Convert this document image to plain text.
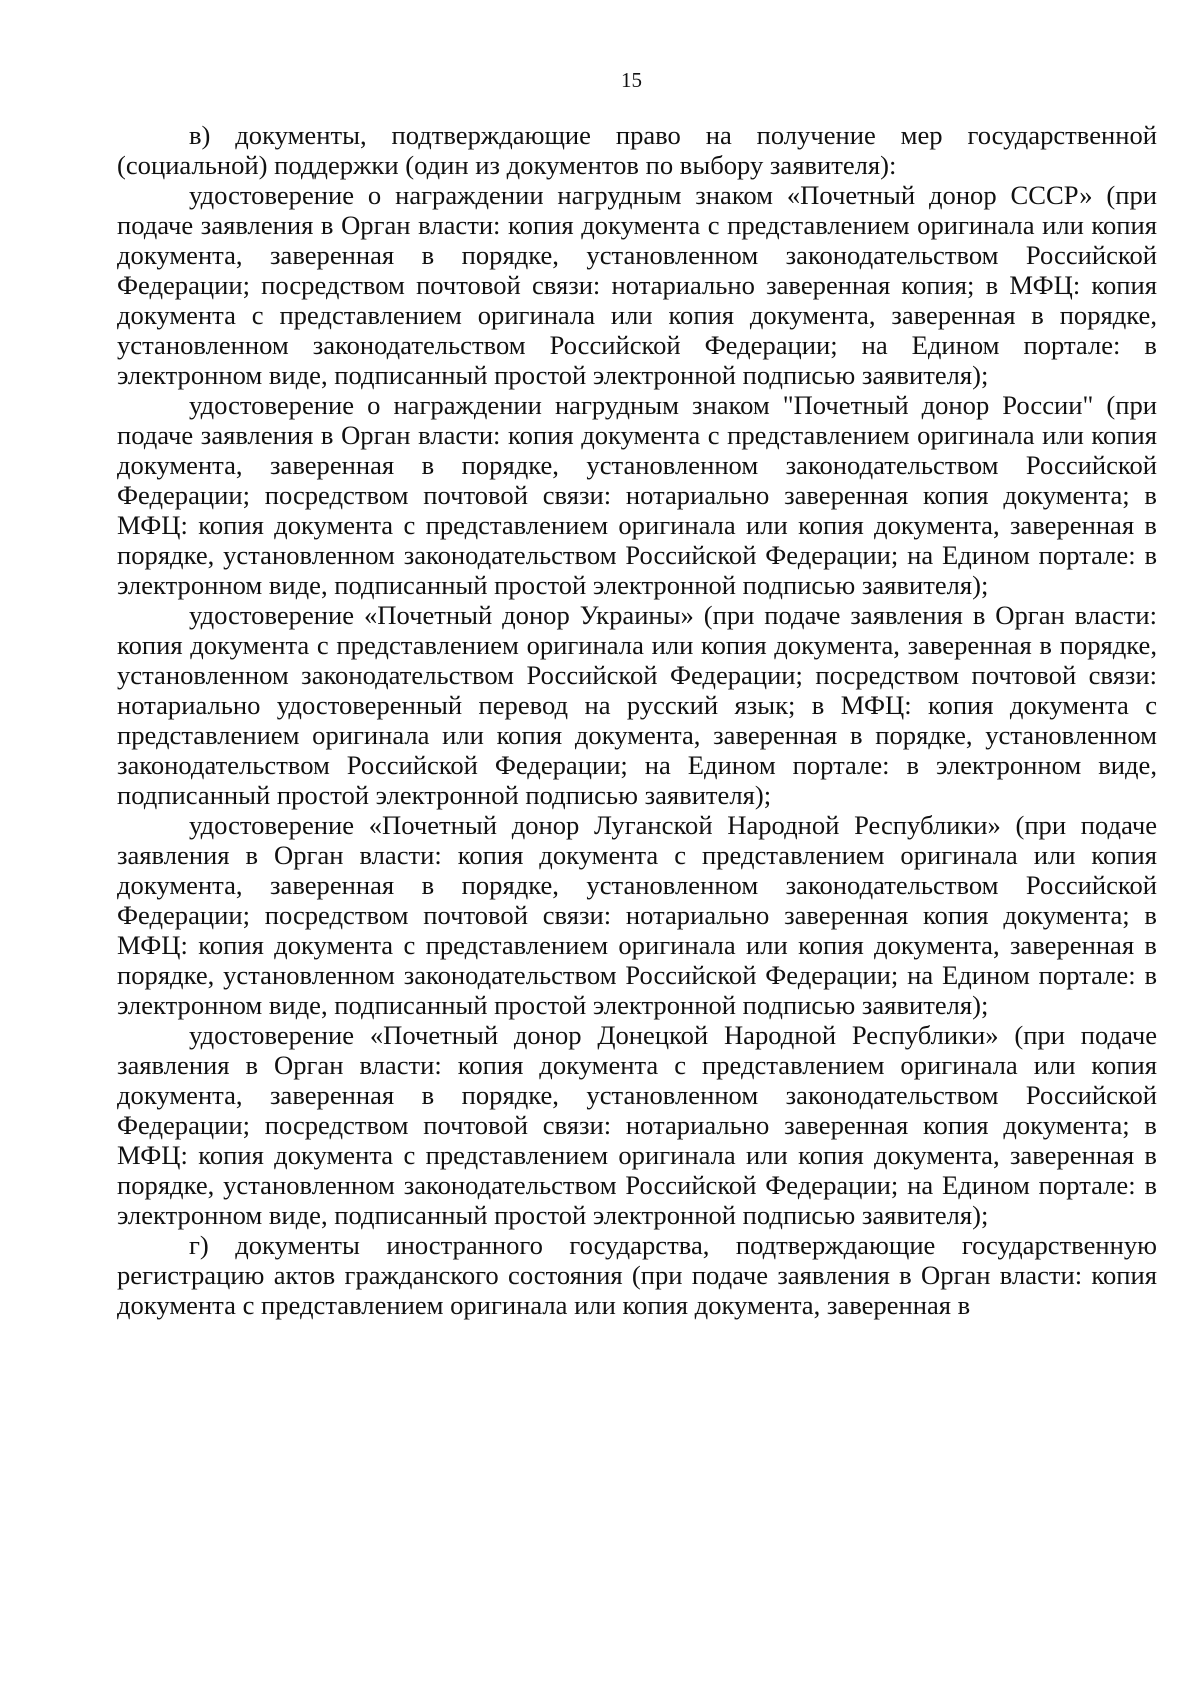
15

в) документы, подтверждающие право на получение мер государственной (социальной) поддержки (один из документов по выбору заявителя):

удостоверение о награждении нагрудным знаком «Почетный донор СССР» (при подаче заявления в Орган власти: копия документа с представлением оригинала или копия документа, заверенная в порядке, установленном законодательством Российской Федерации; посредством почтовой связи: нотариально заверенная копия; в МФЦ: копия документа с представлением оригинала или копия документа, заверенная в порядке, установленном законодательством Российской Федерации; на Едином портале: в электронном виде, подписанный простой электронной подписью заявителя);

удостоверение о награждении нагрудным знаком "Почетный донор России" (при подаче заявления в Орган власти: копия документа с представлением оригинала или копия документа, заверенная в порядке, установленном законодательством Российской Федерации; посредством почтовой связи: нотариально заверенная копия документа; в МФЦ: копия документа с представлением оригинала или копия документа, заверенная в порядке, установленном законодательством Российской Федерации; на Едином портале: в электронном виде, подписанный простой электронной подписью заявителя);

удостоверение «Почетный донор Украины» (при подаче заявления в Орган власти: копия документа с представлением оригинала или копия документа, заверенная в порядке, установленном законодательством Российской Федерации; посредством почтовой связи: нотариально удостоверенный перевод на русский язык; в МФЦ: копия документа с представлением оригинала или копия документа, заверенная в порядке, установленном законодательством Российской Федерации; на Едином портале: в электронном виде, подписанный простой электронной подписью заявителя);

удостоверение «Почетный донор Луганской Народной Республики» (при подаче заявления в Орган власти: копия документа с представлением оригинала или копия документа, заверенная в порядке, установленном законодательством Российской Федерации; посредством почтовой связи: нотариально заверенная копия документа; в МФЦ: копия документа с представлением оригинала или копия документа, заверенная в порядке, установленном законодательством Российской Федерации; на Едином портале: в электронном виде, подписанный простой электронной подписью заявителя);

удостоверение «Почетный донор Донецкой Народной Республики» (при подаче заявления в Орган власти: копия документа с представлением оригинала или копия документа, заверенная в порядке, установленном законодательством Российской Федерации; посредством почтовой связи: нотариально заверенная копия документа; в МФЦ: копия документа с представлением оригинала или копия документа, заверенная в порядке, установленном законодательством Российской Федерации; на Едином портале: в электронном виде, подписанный простой электронной подписью заявителя);

г) документы иностранного государства, подтверждающие государственную регистрацию актов гражданского состояния (при подаче заявления в Орган власти: копия документа с представлением оригинала или копия документа, заверенная в
